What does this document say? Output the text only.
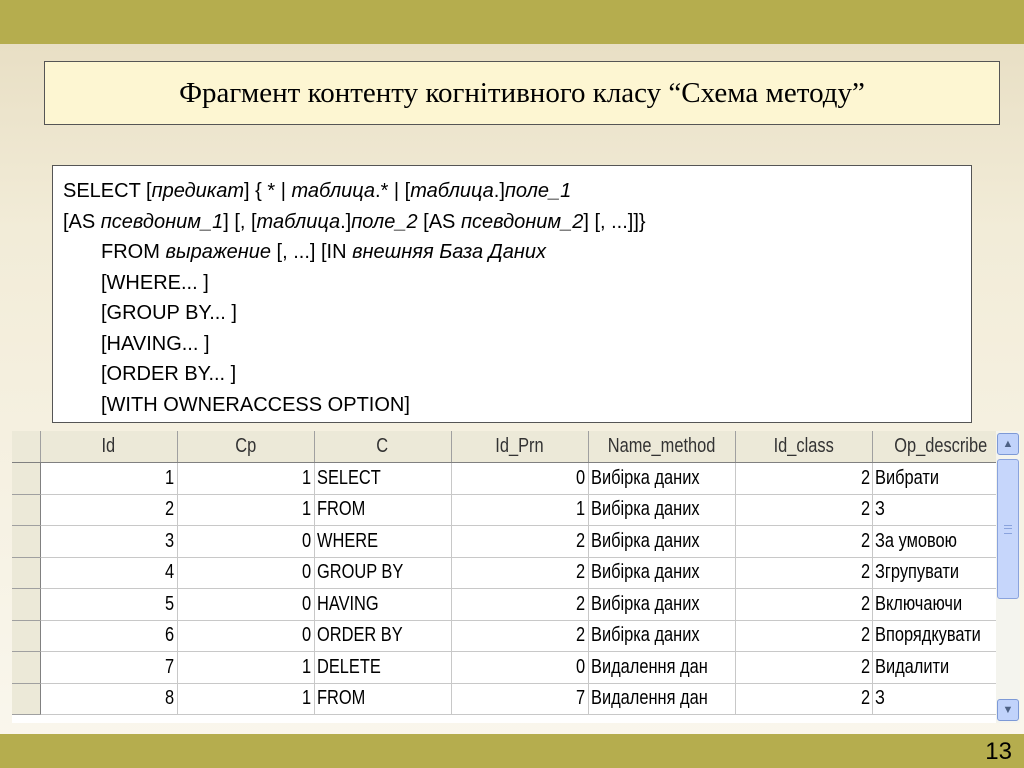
Фрагмент контенту когнітивного класу “Схема методу”
SELECT [предикат] { * | таблица.* | [таблица.]поле_1
[AS псевдоним_1] [, [таблица.]поле_2 [AS псевдоним_2] [, ...]]}
FROM выражение [, ...] [IN внешняя База Даних
[WHERE... ]
[GROUP BY... ]
[HAVING... ]
[ORDER BY... ]
[WITH OWNERACCESS OPTION]
	Id	Cp	C	Id_Prn	Name_method	Id_class	Op_describe
	1	1	SELECT	0	Вибірка даних	2	Вибрати
	2	1	FROM	1	Вибірка даних	2	З
	3	0	WHERE	2	Вибірка даних	2	За умовою
	4	0	GROUP BY	2	Вибірка даних	2	Згрупувати
	5	0	HAVING	2	Вибірка даних	2	Включаючи
	6	0	ORDER BY	2	Вибірка даних	2	Впорядкувати
	7	1	DELETE	0	Видалення дан	2	Видалити
	8	1	FROM	7	Видалення дан	2	З
▲
▼
13
